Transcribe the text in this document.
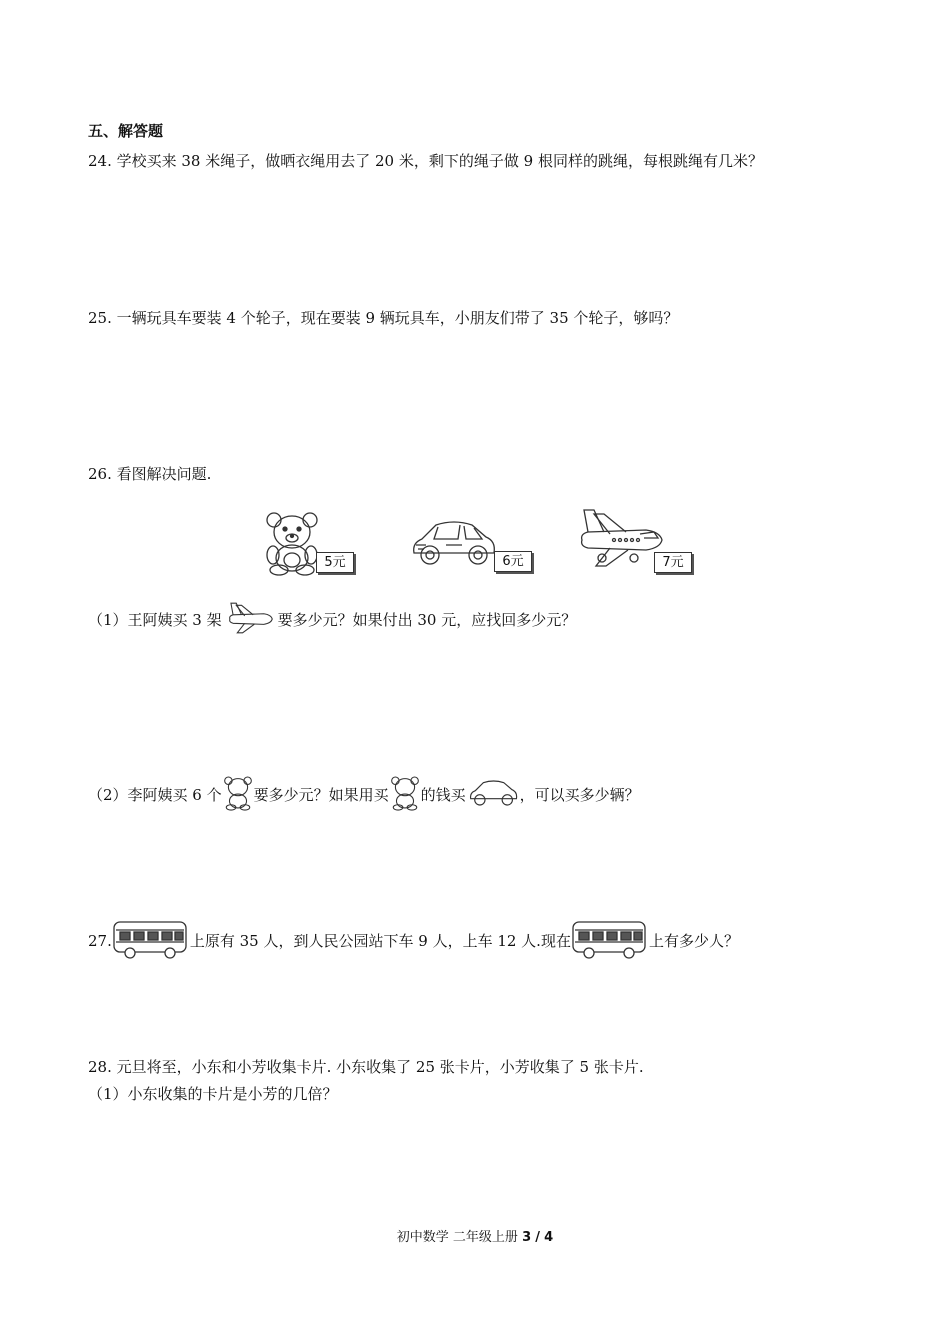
五、解答题
24. 学校买来 38 米绳子，做晒衣绳用去了 20 米，剩下的绳子做 9 根同样的跳绳，每根跳绳有几米？
25. 一辆玩具车要装 4 个轮子，现在要装 9 辆玩具车，小朋友们带了 35 个轮子，够吗？
26. 看图解决问题.
5元	6元	7元
（1）王阿姨买 3 架	要多少元？如果付出 30 元，应找回多少元？
（2）李阿姨买 6 个 要多少元？如果用买 的钱买	，可以买多少辆？
27.	上原有 35 人，到人民公园站下车 9 人，上车 12 人.现在	上有多少人？
28. 元旦将至，小东和小芳收集卡片. 小东收集了 25 张卡片，小芳收集了 5 张卡片.
（1）小东收集的卡片是小芳的几倍？
初中数学 二年级上册 3 / 4
